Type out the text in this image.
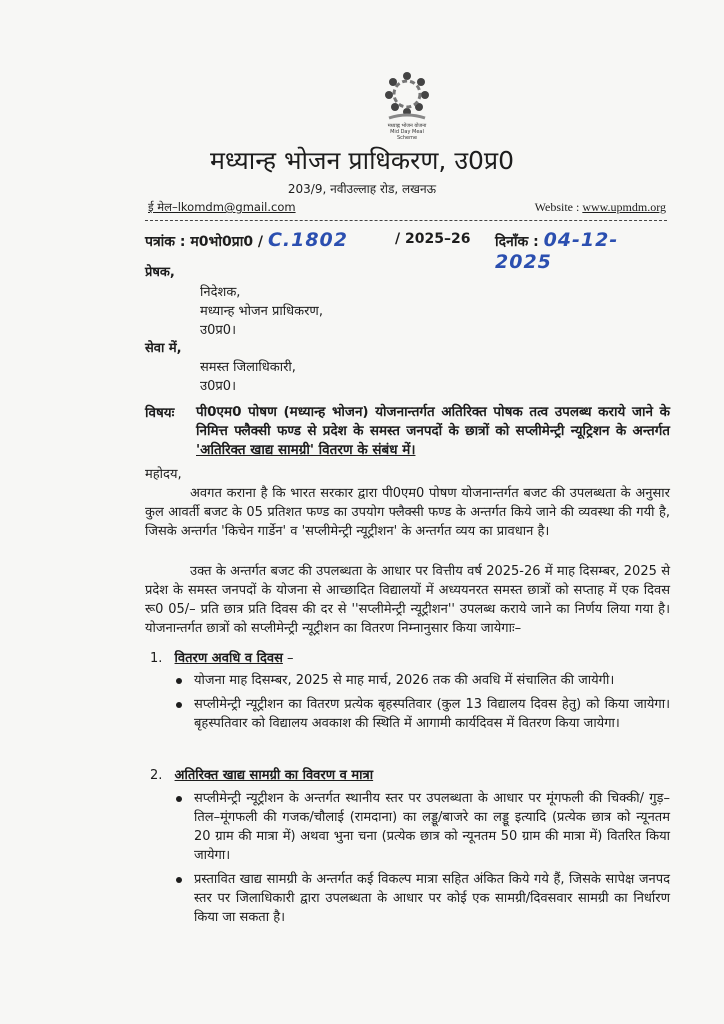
मध्याह्न भोजन योजना Mid Day Meal Scheme
मध्यान्ह भोजन प्राधिकरण, उ0प्र0
203/9, नवीउल्लाह रोड, लखनऊ
ई मेल–lkomdm@gmail.com	Website : www.upmdm.org
पत्रांक : म0भो0प्रा0 / C.1802	/ 2025–26 दिनाँक : 04-12-2025
प्रेषक,
निदेशक,
मध्यान्ह भोजन प्राधिकरण,
उ0प्र0।
सेवा में,
समस्त जिलाधिकारी,
उ0प्र0।
विषयः पी0एम0 पोषण (मध्यान्ह भोजन) योजनान्तर्गत अतिरिक्त पोषक तत्व उपलब्ध कराये जाने के निमित्त फ्लैक्सी फण्ड से प्रदेश के समस्त जनपदों के छात्रों को सप्लीमेन्ट्री न्यूट्रिशन के अन्तर्गत 'अतिरिक्त खाद्य सामग्री' वितरण के संबंध में।
महोदय,
अवगत कराना है कि भारत सरकार द्वारा पी0एम0 पोषण योजनान्तर्गत बजट की उपलब्धता के अनुसार कुल आवर्ती बजट के 05 प्रतिशत फण्ड का उपयोग फ्लैक्सी फण्ड के अन्तर्गत किये जाने की व्यवस्था की गयी है, जिसके अन्तर्गत 'किचेन गार्डेन' व 'सप्लीमेन्ट्री न्यूट्रीशन' के अन्तर्गत व्यय का प्रावधान है।
उक्त के अन्तर्गत बजट की उपलब्धता के आधार पर वित्तीय वर्ष 2025-26 में माह दिसम्बर, 2025 से प्रदेश के समस्त जनपदों के योजना से आच्छादित विद्यालयों में अध्ययनरत समस्त छात्रों को सप्ताह में एक दिवस रू0 05/– प्रति छात्र प्रति दिवस की दर से ''सप्लीमेन्ट्री न्यूट्रीशन'' उपलब्ध कराये जाने का निर्णय लिया गया है। योजनान्तर्गत छात्रों को सप्लीमेन्ट्री न्यूट्रीशन का वितरण निम्नानुसार किया जायेगाः–
1. वितरण अवधि व दिवस –
योजना माह दिसम्बर, 2025 से माह मार्च, 2026 तक की अवधि में संचालित की जायेगी।
सप्लीमेन्ट्री न्यूट्रीशन का वितरण प्रत्येक बृहस्पतिवार (कुल 13 विद्यालय दिवस हेतु) को किया जायेगा। बृहस्पतिवार को विद्यालय अवकाश की स्थिति में आगामी कार्यदिवस में वितरण किया जायेगा।
2. अतिरिक्त खाद्य सामग्री का विवरण व मात्रा
सप्लीमेन्ट्री न्यूट्रीशन के अन्तर्गत स्थानीय स्तर पर उपलब्धता के आधार पर मूंगफली की चिक्की/ गुड़–तिल–मूंगफली की गजक/चौलाई (रामदाना) का लड्डू/बाजरे का लड्डू इत्यादि (प्रत्येक छात्र को न्यूनतम 20 ग्राम की मात्रा में) अथवा भुना चना (प्रत्येक छात्र को न्यूनतम 50 ग्राम की मात्रा में) वितरित किया जायेगा।
प्रस्तावित खाद्य सामग्री के अन्तर्गत कई विकल्प मात्रा सहित अंकित किये गये हैं, जिसके सापेक्ष जनपद स्तर पर जिलाधिकारी द्वारा उपलब्धता के आधार पर कोई एक सामग्री/दिवसवार सामग्री का निर्धारण किया जा सकता है।
